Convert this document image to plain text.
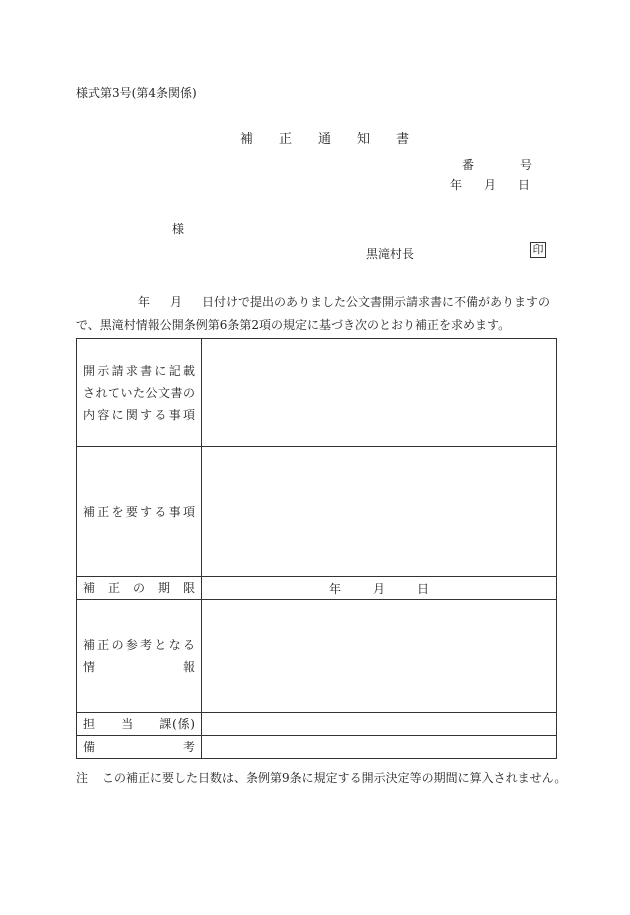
様式第3号(第4条関係)
補 正 通 知 書
番	号
年 月 日
様
黒滝村長	印
年 月 日付けで提出のありました公文書開示請求書に不備がありますの
で、黒滝村情報公開条例第6条第2項の規定に基づき次のとおり補正を求めます。
開示請求書に記載
されていた公文書の
内容に関する事項	

補正を要する事項	

補　正　の　期　限	年 月 日

補正の参考となる
情　　　　　　　報	

担　　当　　課(係)	

備　　　　　　　考	

注 この補正に要した日数は、条例第9条に規定する開示決定等の期間に算入されません。
